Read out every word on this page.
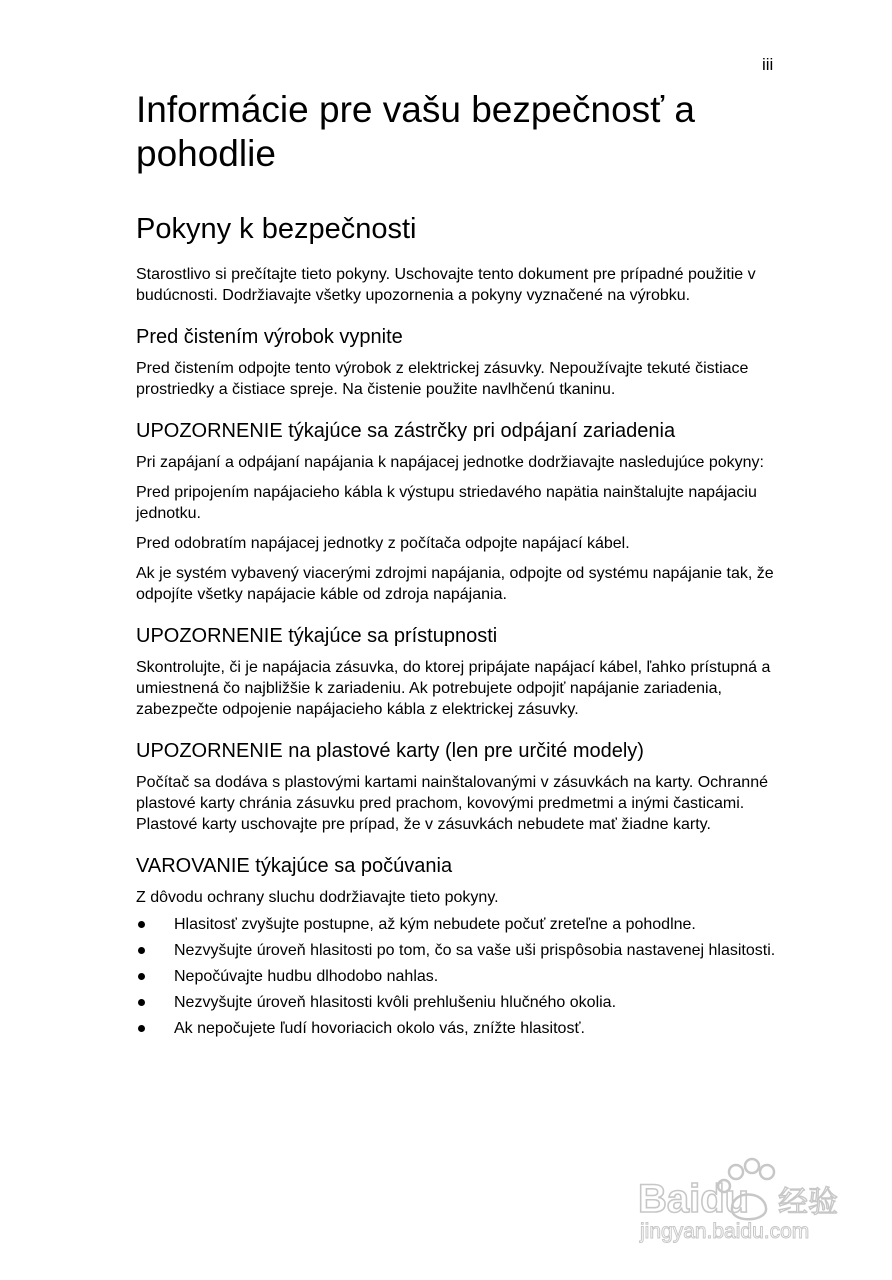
iii
Informácie pre vašu bezpečnosť a pohodlie
Pokyny k bezpečnosti

Starostlivo si prečítajte tieto pokyny. Uschovajte tento dokument pre prípadné použitie v budúcnosti. Dodržiavajte všetky upozornenia a pokyny vyznačené na výrobku.

Pred čistením výrobok vypnite

Pred čistením odpojte tento výrobok z elektrickej zásuvky. Nepoužívajte tekuté čistiace prostriedky a čistiace spreje. Na čistenie použite navlhčenú tkaninu.

UPOZORNENIE týkajúce sa zástrčky pri odpájaní zariadenia

Pri zapájaní a odpájaní napájania k napájacej jednotke dodržiavajte nasledujúce pokyny:

Pred pripojením napájacieho kábla k výstupu striedavého napätia nainštalujte napájaciu jednotku.

Pred odobratím napájacej jednotky z počítača odpojte napájací kábel.

Ak je systém vybavený viacerými zdrojmi napájania, odpojte od systému napájanie tak, že odpojíte všetky napájacie káble od zdroja napájania.

UPOZORNENIE týkajúce sa prístupnosti

Skontrolujte, či je napájacia zásuvka, do ktorej pripájate napájací kábel, ľahko prístupná a umiestnená čo najbližšie k zariadeniu. Ak potrebujete odpojiť napájanie zariadenia, zabezpečte odpojenie napájacieho kábla z elektrickej zásuvky.

UPOZORNENIE na plastové karty (len pre určité modely)

Počítač sa dodáva s plastovými kartami nainštalovanými v zásuvkách na karty. Ochranné plastové karty chránia zásuvku pred prachom, kovovými predmetmi a inými časticami. Plastové karty uschovajte pre prípad, že v zásuvkách nebudete mať žiadne karty.

VAROVANIE týkajúce sa počúvania

Z dôvodu ochrany sluchu dodržiavajte tieto pokyny.

Hlasitosť zvyšujte postupne, až kým nebudete počuť zreteľne a pohodlne.
Nezvyšujte úroveň hlasitosti po tom, čo sa vaše uši prispôsobia nastavenej hlasitosti.
Nepočúvajte hudbu dlhodobo nahlas.
Nezvyšujte úroveň hlasitosti kvôli prehlušeniu hlučného okolia.
Ak nepočujete ľudí hovoriacich okolo vás, znížte hlasitosť.
Baidu 经验
jingyan.baidu.com
